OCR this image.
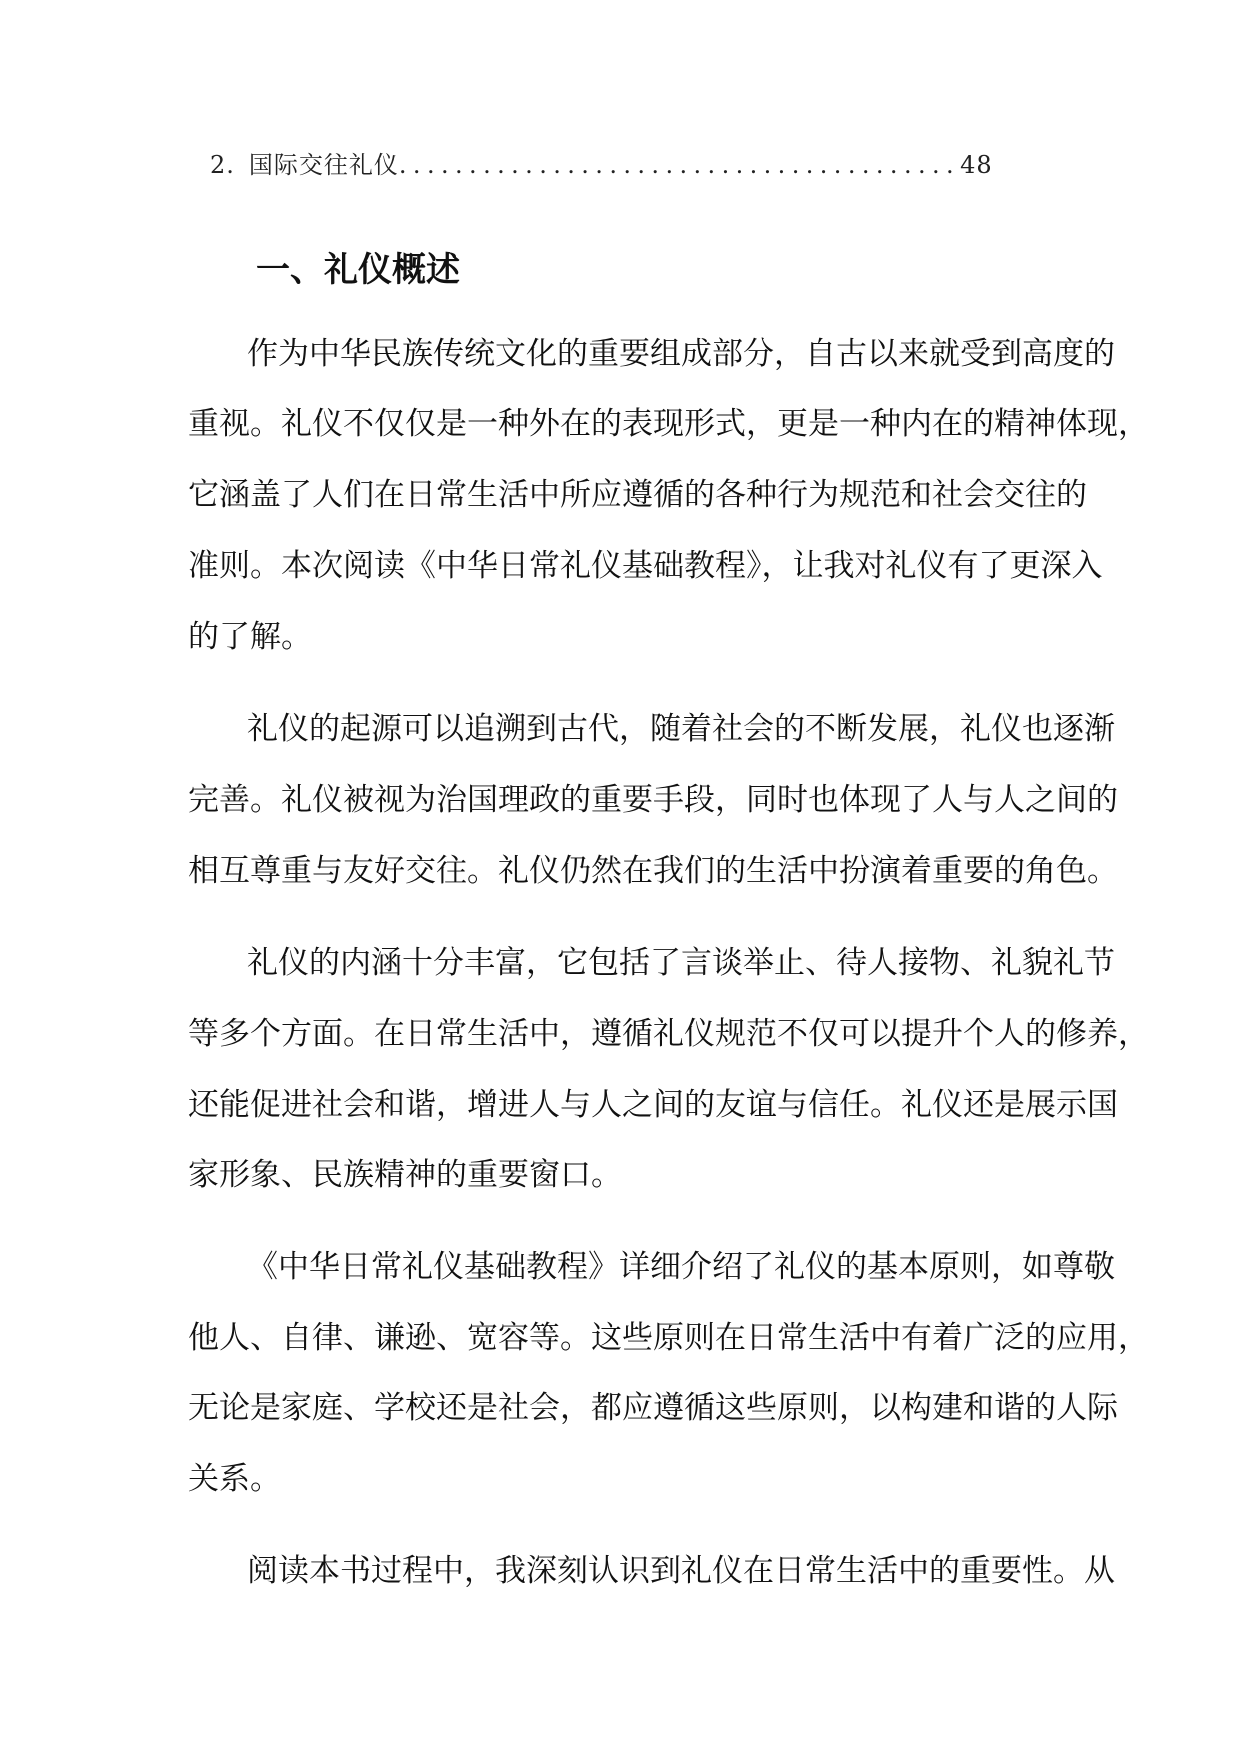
2. 国际交往礼仪........................................48
一、礼仪概述
作为中华民族传统文化的重要组成部分，自古以来就受到高度的
重视。礼仪不仅仅是一种外在的表现形式，更是一种内在的精神体现，
它涵盖了人们在日常生活中所应遵循的各种行为规范和社会交往的
准则。本次阅读《中华日常礼仪基础教程》，让我对礼仪有了更深入
的了解。
礼仪的起源可以追溯到古代，随着社会的不断发展，礼仪也逐渐
完善。礼仪被视为治国理政的重要手段，同时也体现了人与人之间的
相互尊重与友好交往。礼仪仍然在我们的生活中扮演着重要的角色。
礼仪的内涵十分丰富，它包括了言谈举止、待人接物、礼貌礼节
等多个方面。在日常生活中，遵循礼仪规范不仅可以提升个人的修养，
还能促进社会和谐，增进人与人之间的友谊与信任。礼仪还是展示国
家形象、民族精神的重要窗口。
《中华日常礼仪基础教程》详细介绍了礼仪的基本原则，如尊敬
他人、自律、谦逊、宽容等。这些原则在日常生活中有着广泛的应用，
无论是家庭、学校还是社会，都应遵循这些原则，以构建和谐的人际
关系。
阅读本书过程中，我深刻认识到礼仪在日常生活中的重要性。从
